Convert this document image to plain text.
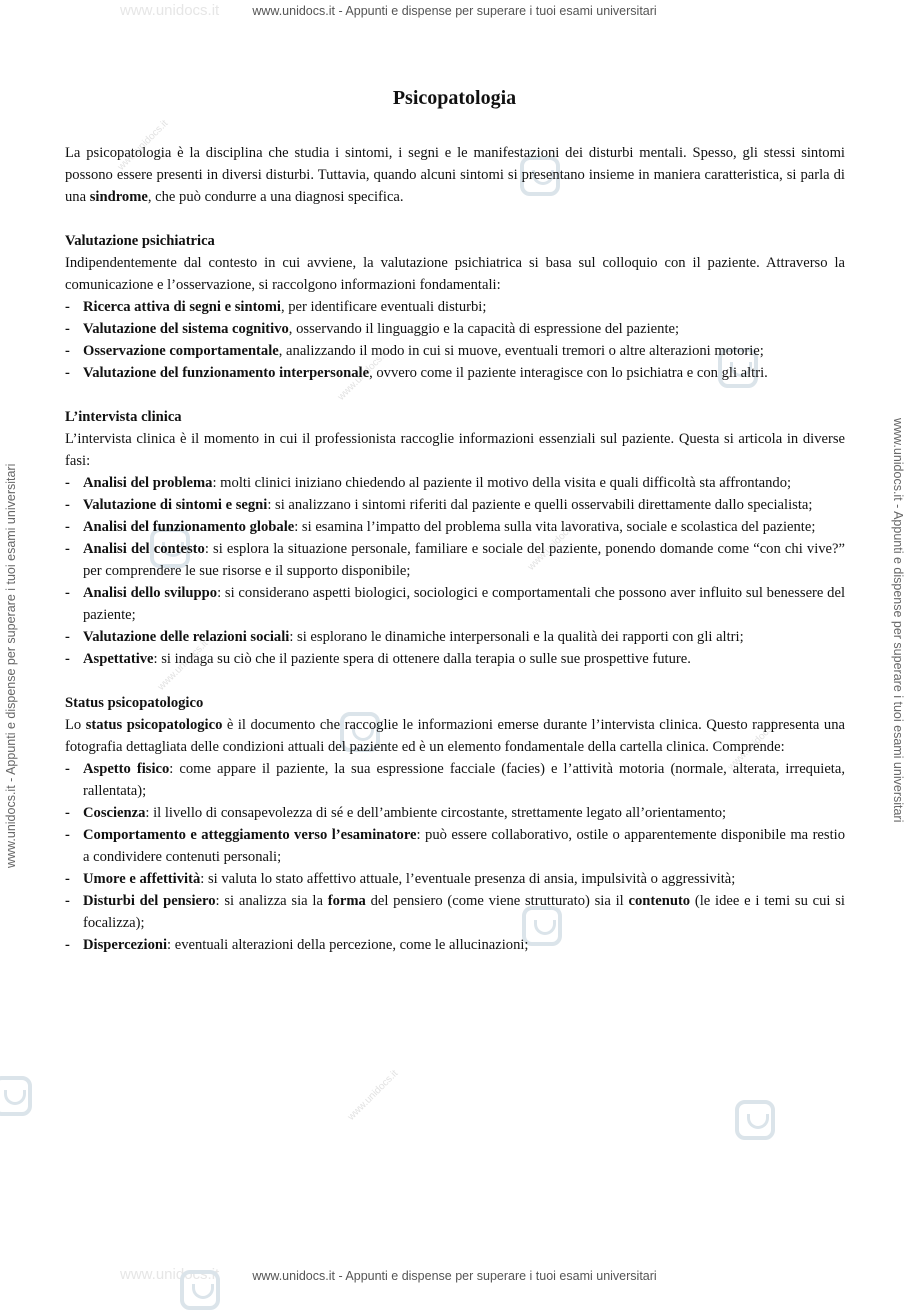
www.unidocs.it
www.unidocs.it
www.unidocs.it
www.unidocs.it
www.unidocs.it
www.unidocs.it
www.unidocs.it
www.unidocs.it
www.unidocs.it - Appunti e dispense per superare i tuoi esami universitari
www.unidocs.it - Appunti e dispense per superare i tuoi esami universitari
www.unidocs.it - Appunti e dispense per superare i tuoi esami universitari	www.unidocs.it - Appunti e dispense per superare i tuoi esami universitari
Psicopatologia

La psicopatologia è la disciplina che studia i sintomi, i segni e le manifestazioni dei disturbi mentali. Spesso, gli stessi sintomi possono essere presenti in diversi disturbi. Tuttavia, quando alcuni sintomi si presentano insieme in maniera caratteristica, si parla di una sindrome, che può condurre a una diagnosi specifica.

Valutazione psichiatrica

Indipendentemente dal contesto in cui avviene, la valutazione psichiatrica si basa sul colloquio con il paziente. Attraverso la comunicazione e l’osservazione, si raccolgono informazioni fondamentali:

- Ricerca attiva di segni e sintomi, per identificare eventuali disturbi;
- Valutazione del sistema cognitivo, osservando il linguaggio e la capacità di espressione del paziente;
- Osservazione comportamentale, analizzando il modo in cui si muove, eventuali tremori o altre alterazioni motorie;
- Valutazione del funzionamento interpersonale, ovvero come il paziente interagisce con lo psichiatra e con gli altri.
L’intervista clinica

L’intervista clinica è il momento in cui il professionista raccoglie informazioni essenziali sul paziente. Questa si articola in diverse fasi:

- Analisi del problema: molti clinici iniziano chiedendo al paziente il motivo della visita e quali difficoltà sta affrontando;
- Valutazione di sintomi e segni: si analizzano i sintomi riferiti dal paziente e quelli osservabili direttamente dallo specialista;
- Analisi del funzionamento globale: si esamina l’impatto del problema sulla vita lavorativa, sociale e scolastica del paziente;
- Analisi del contesto: si esplora la situazione personale, familiare e sociale del paziente, ponendo domande come “con chi vive?” per comprendere le sue risorse e il supporto disponibile;
- Analisi dello sviluppo: si considerano aspetti biologici, sociologici e comportamentali che possono aver influito sul benessere del paziente;
- Valutazione delle relazioni sociali: si esplorano le dinamiche interpersonali e la qualità dei rapporti con gli altri;
- Aspettative: si indaga su ciò che il paziente spera di ottenere dalla terapia o sulle sue prospettive future.
Status psicopatologico

Lo status psicopatologico è il documento che raccoglie le informazioni emerse durante l’intervista clinica. Questo rappresenta una fotografia dettagliata delle condizioni attuali del paziente ed è un elemento fondamentale della cartella clinica. Comprende:

- Aspetto fisico: come appare il paziente, la sua espressione facciale (facies) e l’attività motoria (normale, alterata, irrequieta, rallentata);
- Coscienza: il livello di consapevolezza di sé e dell’ambiente circostante, strettamente legato all’orientamento;
- Comportamento e atteggiamento verso l’esaminatore: può essere collaborativo, ostile o apparentemente disponibile ma restio a condividere contenuti personali;
- Umore e affettività: si valuta lo stato affettivo attuale, l’eventuale presenza di ansia, impulsività o aggressività;
- Disturbi del pensiero: si analizza sia la forma del pensiero (come viene strutturato) sia il contenuto (le idee e i temi su cui si focalizza);
- Dispercezioni: eventuali alterazioni della percezione, come le allucinazioni;
